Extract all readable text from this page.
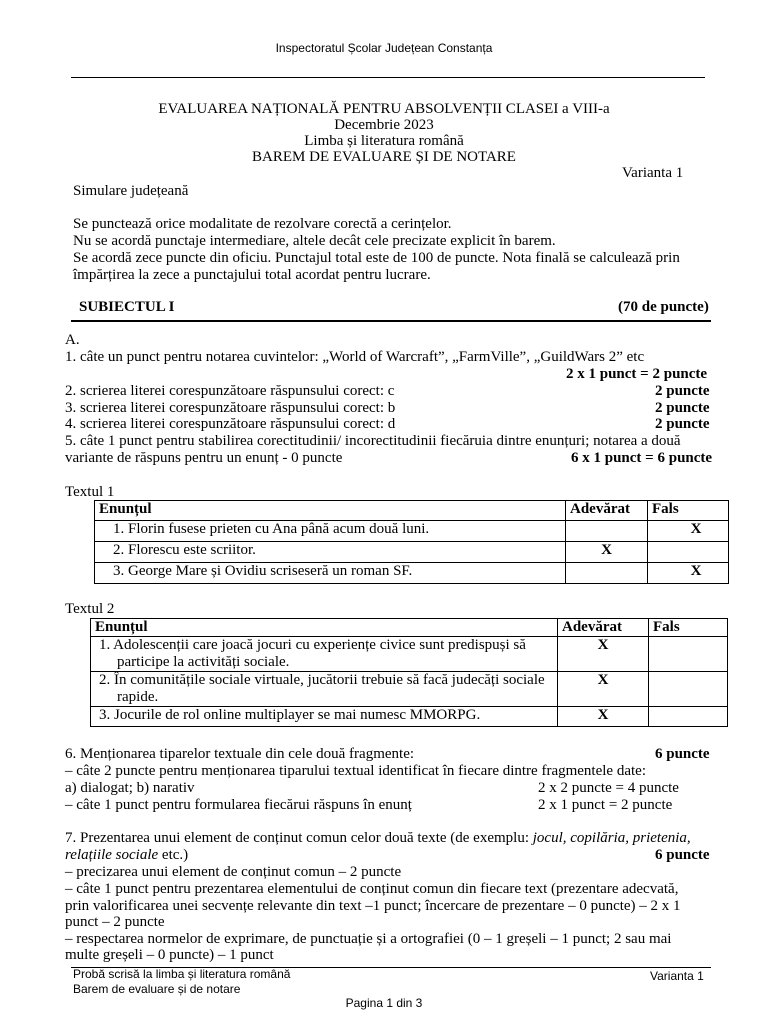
Inspectoratul Școlar Județean Constanța
EVALUAREA NAȚIONALĂ PENTRU ABSOLVENȚII CLASEI a VIII-a
Decembrie 2023
Limba și literatura română
BAREM DE EVALUARE ȘI DE NOTARE
Varianta 1
Simulare județeană
Se punctează orice modalitate de rezolvare corectă a cerințelor.
Nu se acordă punctaje intermediare, altele decât cele precizate explicit în barem.
Se acordă zece puncte din oficiu. Punctajul total este de 100 de puncte. Nota finală se calculează prin
împărțirea la zece a punctajului total acordat pentru lucrare.
SUBIECTUL I	(70 de puncte)
A.
1. câte un punct pentru notarea cuvintelor: „World of Warcraft”, „FarmVille”, „GuildWars 2” etc
2 x 1 punct = 2 puncte
2. scrierea literei corespunzătoare răspunsului corect: c	2 puncte
3. scrierea literei corespunzătoare răspunsului corect: b	2 puncte
4. scrierea literei corespunzătoare răspunsului corect: d	2 puncte
5. câte 1 punct pentru stabilirea corectitudinii/ incorectitudinii fiecăruia dintre enunțuri; notarea a două
variante de răspuns pentru un enunț - 0 puncte	6 x 1 punct = 6 puncte
Textul 1
Enunțul	Adevărat	Fals
1. Florin fusese prieten cu Ana până acum două luni.		X
2. Florescu este scriitor.	X	
3. George Mare și Ovidiu scriseseră un roman SF.		X
Textul 2
Enunțul	Adevărat	Fals

1. Adolescenții care joacă jocuri cu experiențe civice sunt predispuși să
participe la activități sociale.	X	

2. În comunitățile sociale virtuale, jucătorii trebuie să facă judecăți sociale
rapide.	X	

3. Jocurile de rol online multiplayer se mai numesc MMORPG.	X	
6. Menționarea tiparelor textuale din cele două fragmente:	6 puncte
– câte 2 puncte pentru menționarea tiparului textual identificat în fiecare dintre fragmentele date:
a) dialogat; b) narativ	2 x 2 puncte = 4 puncte
– câte 1 punct pentru formularea fiecărui răspuns în enunț	2 x 1 punct = 2 puncte
7. Prezentarea unui element de conținut comun celor două texte (de exemplu: jocul, copilăria, prietenia,
relațiile sociale etc.)	6 puncte
– precizarea unui element de conținut comun – 2 puncte
– câte 1 punct pentru prezentarea elementului de conținut comun din fiecare text (prezentare adecvată,
prin valorificarea unei secvențe relevante din text –1 punct; încercare de prezentare – 0 puncte) – 2 x 1
punct – 2 puncte
– respectarea normelor de exprimare, de punctuație și a ortografiei (0 – 1 greșeli – 1 punct; 2 sau mai
multe greșeli – 0 puncte) – 1 punct
Probă scrisă la limba și literatura română
Barem de evaluare și de notare
Varianta 1
Pagina 1 din 3
